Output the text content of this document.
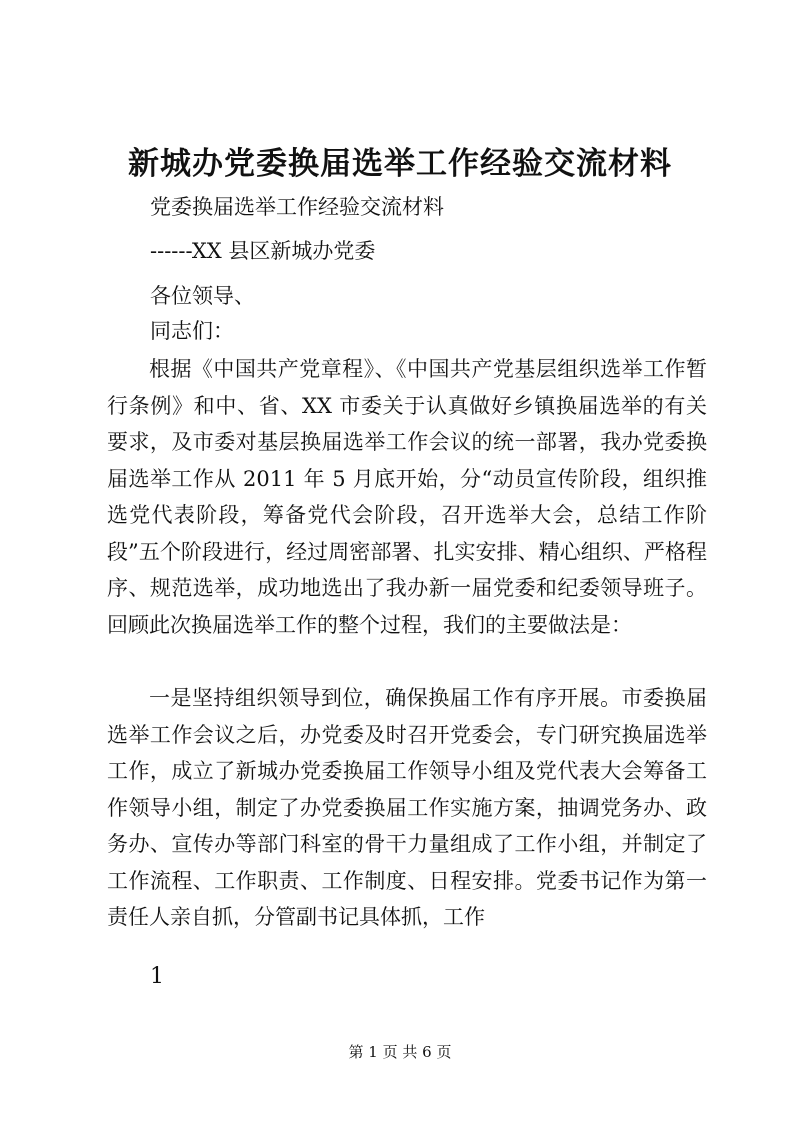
新城办党委换届选举工作经验交流材料

党委换届选举工作经验交流材料

------XX 县区新城办党委

各位领导、

同志们：

根据《中国共产党章程》、《中国共产党基层组织选举工作暂行条例》和中、省、XX 市委关于认真做好乡镇换届选举的有关要求，及市委对基层换届选举工作会议的统一部署，我办党委换届选举工作从 2011 年 5 月底开始，分“动员宣传阶段，组织推选党代表阶段，筹备党代会阶段，召开选举大会，总结工作阶段”五个阶段进行，经过周密部署、扎实安排、精心组织、严格程序、规范选举，成功地选出了我办新一届党委和纪委领导班子。回顾此次换届选举工作的整个过程，我们的主要做法是：

一是坚持组织领导到位，确保换届工作有序开展。市委换届选举工作会议之后，办党委及时召开党委会，专门研究换届选举工作，成立了新城办党委换届工作领导小组及党代表大会筹备工作领导小组，制定了办党委换届工作实施方案，抽调党务办、政务办、宣传办等部门科室的骨干力量组成了工作小组，并制定了工作流程、工作职责、工作制度、日程安排。党委书记作为第一责任人亲自抓，分管副书记具体抓，工作

1

第 1 页 共 6 页
